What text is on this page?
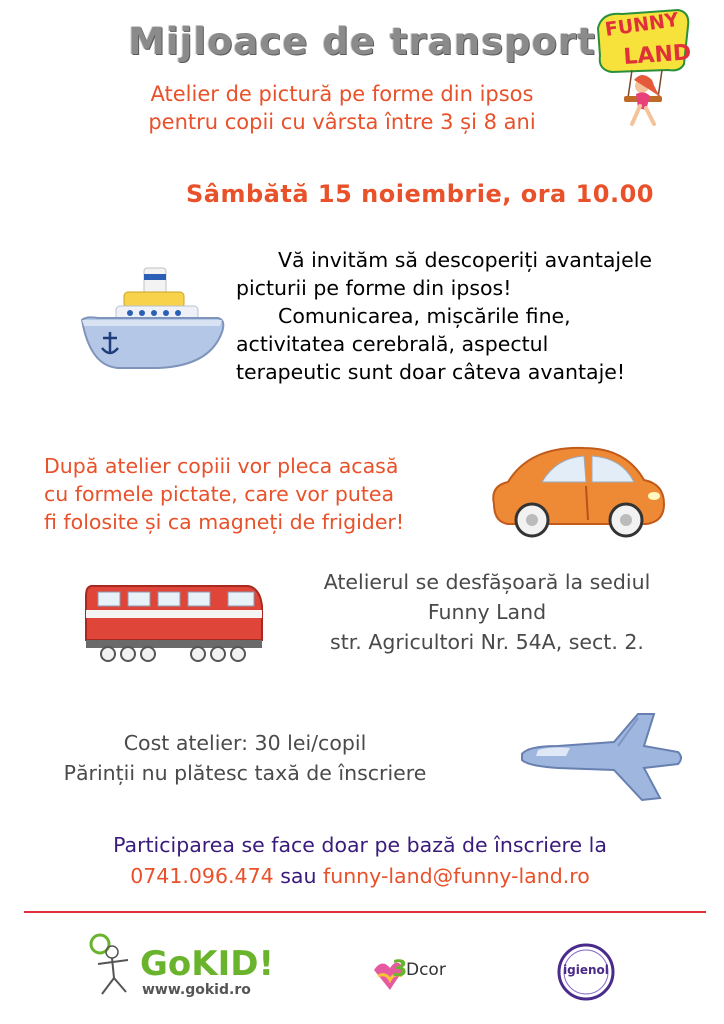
Mijloace de transport FUNNY
LAND
Atelier de pictură pe forme din ipsos
pentru copii cu vârsta între 3 și 8 ani
Sâmbătă 15 noiembrie, ora 10.00
Vă invităm să descoperiți avantajele
picturii pe forme din ipsos!
Comunicarea, mișcările fine,
activitatea cerebrală, aspectul
terapeutic sunt doar câteva avantaje!
După atelier copiii vor pleca acasă
cu formele pictate, care vor putea
fi folosite și ca magneți de frigider!
Atelierul se desfășoară la sediul
Funny Land
str. Agricultori Nr. 54A, sect. 2.
Cost atelier: 30 lei/copil
Părinții nu plătesc taxă de înscriere
Participarea se face doar pe bază de înscriere la
0741.096.474 sau funny-land@funny-land.ro
GoKID!
www.gokid.ro
3
Dcor	igienol
